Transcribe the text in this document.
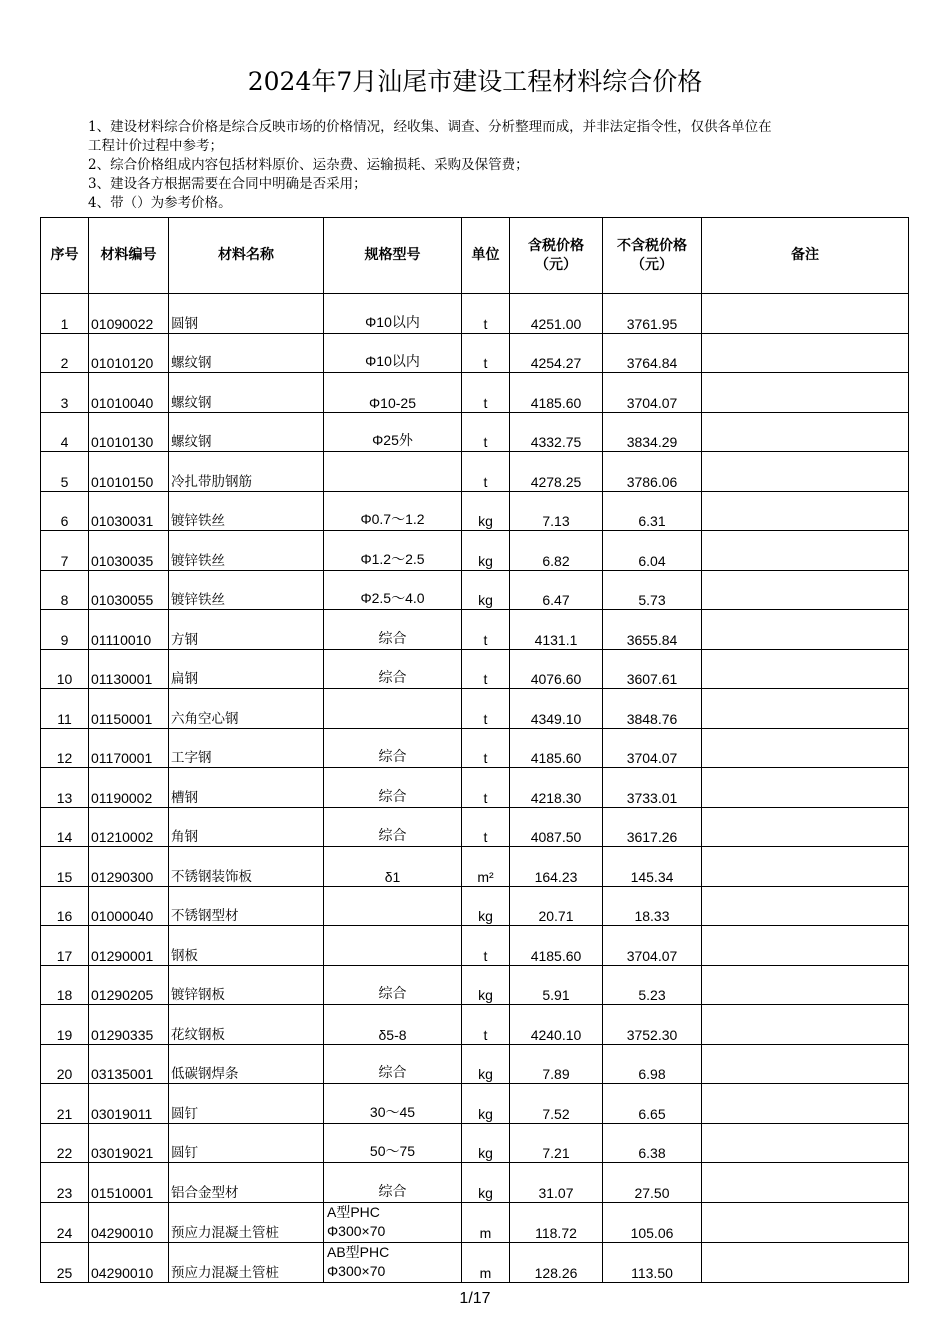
2024年7月汕尾市建设工程材料综合价格
1、建设材料综合价格是综合反映市场的价格情况，经收集、调查、分析整理而成，并非法定指令性，仅供各单位在
工程计价过程中参考；
2、综合价格组成内容包括材料原价、运杂费、运输损耗、采购及保管费；
3、建设各方根据需要在合同中明确是否采用；
4、带（）为参考价格。
序号	材料编号	材料名称	规格型号	单位	含税价格
（元）	不含税价格
（元）	备注
1	01090022	圆钢	Φ10以内	t	4251.00	3761.95	
2	01010120	螺纹钢	Φ10以内	t	4254.27	3764.84	
3	01010040	螺纹钢	Φ10-25	t	4185.60	3704.07	
4	01010130	螺纹钢	Φ25外	t	4332.75	3834.29	
5	01010150	冷扎带肋钢筋		t	4278.25	3786.06	
6	01030031	镀锌铁丝	Φ0.7～1.2	kg	7.13	6.31	
7	01030035	镀锌铁丝	Φ1.2～2.5	kg	6.82	6.04	
8	01030055	镀锌铁丝	Φ2.5～4.0	kg	6.47	5.73	
9	01110010	方钢	综合	t	4131.1	3655.84	
10	01130001	扁钢	综合	t	4076.60	3607.61	
11	01150001	六角空心钢		t	4349.10	3848.76	
12	01170001	工字钢	综合	t	4185.60	3704.07	
13	01190002	槽钢	综合	t	4218.30	3733.01	
14	01210002	角钢	综合	t	4087.50	3617.26	
15	01290300	不锈钢装饰板	δ1	m²	164.23	145.34	
16	01000040	不锈钢型材		kg	20.71	18.33	
17	01290001	钢板		t	4185.60	3704.07	
18	01290205	镀锌钢板	综合	kg	5.91	5.23	
19	01290335	花纹钢板	δ5-8	t	4240.10	3752.30	
20	03135001	低碳钢焊条	综合	kg	7.89	6.98	
21	03019011	圆钉	30～45	kg	7.52	6.65	
22	03019021	圆钉	50～75	kg	7.21	6.38	
23	01510001	铝合金型材	综合	kg	31.07	27.50	
24	04290010	预应力混凝土管桩	A型PHC
Φ300×70	m	118.72	105.06	
25	04290010	预应力混凝土管桩	AB型PHC
Φ300×70	m	128.26	113.50	
1/17
